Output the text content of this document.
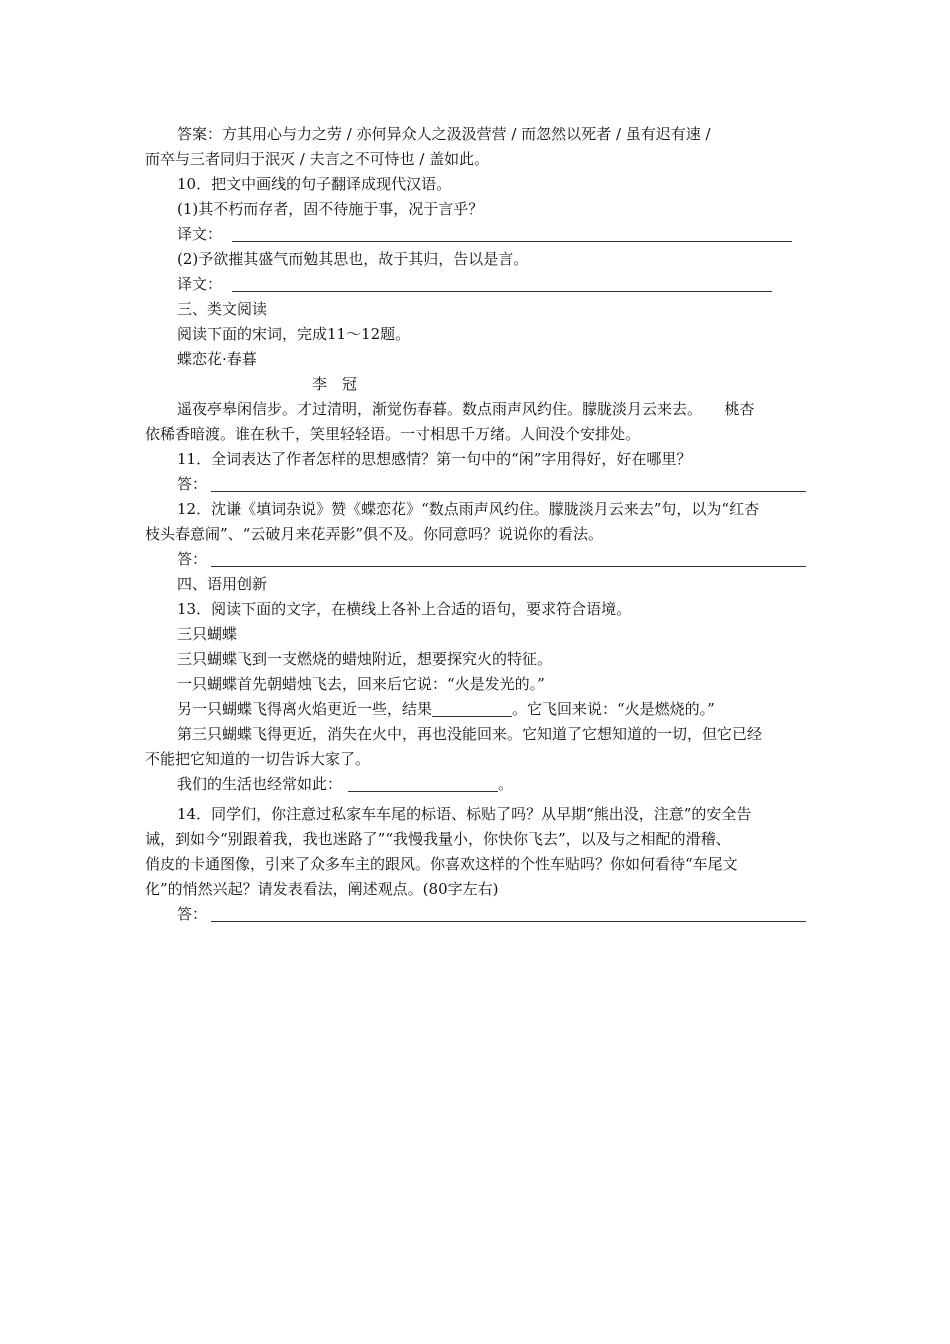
答案：方其用心与力之劳 / 亦何异众人之汲汲营营 / 而忽然以死者 / 虽有迟有速 /
而卒与三者同归于泯灭 / 夫言之不可恃也 / 盖如此。
10．把文中画线的句子翻译成现代汉语。
(1)其不朽而存者，固不待施于事，况于言乎？
译文：
(2)予欲摧其盛气而勉其思也，故于其归，告以是言。
译文：
三、类文阅读
阅读下面的宋词，完成11～12题。
蝶恋花·春暮
李　冠
遥夜亭皋闲信步。才过清明，渐觉伤春暮。数点雨声风约住。朦胧淡月云来去。　　桃杏
依稀香暗渡。谁在秋千，笑里轻轻语。一寸相思千万绪。人间没个安排处。
11．全词表达了作者怎样的思想感情？第一句中的“闲”字用得好，好在哪里？
答：
12．沈谦《填词杂说》赞《蝶恋花》“数点雨声风约住。朦胧淡月云来去”句，以为“红杏
枝头春意闹”、“云破月来花弄影”俱不及。你同意吗？说说你的看法。
答：
四、语用创新
13．阅读下面的文字，在横线上各补上合适的语句，要求符合语境。
三只蝴蝶
三只蝴蝶飞到一支燃烧的蜡烛附近，想要探究火的特征。
一只蝴蝶首先朝蜡烛飞去，回来后它说：“火是发光的。”
另一只蝴蝶飞得离火焰更近一些，结果	。它飞回来说：“火是燃烧的。”
第三只蝴蝶飞得更近，消失在火中，再也没能回来。它知道了它想知道的一切，但它已经
不能把它知道的一切告诉大家了。
我们的生活也经常如此：	。
14．同学们，你注意过私家车车尾的标语、标贴了吗？从早期“熊出没，注意”的安全告
诫，到如今“别跟着我，我也迷路了”“我慢我量小，你快你飞去”，以及与之相配的滑稽、
俏皮的卡通图像，引来了众多车主的跟风。你喜欢这样的个性车贴吗？你如何看待“车尾文
化”的悄然兴起？请发表看法，阐述观点。(80字左右)
答：
